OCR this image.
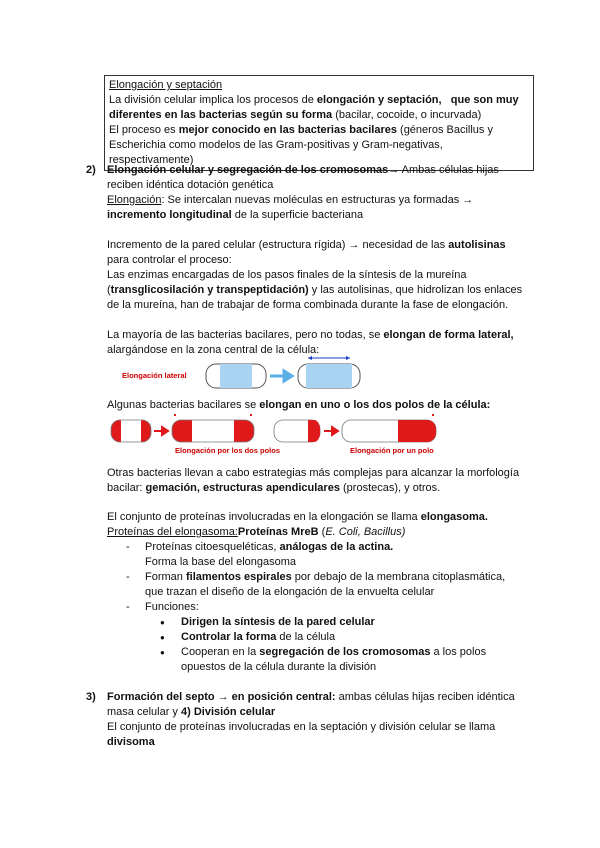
Elongación y septación

La división celular implica los procesos de elongación y septación, que son muy

diferentes en las bacterias según su forma (bacilar, cocoide, o incurvada)

El proceso es mejor conocido en las bacterias bacilares (géneros Bacillus y

Escherichia como modelos de las Gram-positivas y Gram-negativas, respectivamente)

2) Elongación celular y segregación de los cromosomas→ Ambas células hijas
reciben idéntica dotación genética
Elongación: Se intercalan nuevas moléculas en estructuras ya formadas →
incremento longitudinal de la superficie bacteriana
Incremento de la pared celular (estructura rígida) → necesidad de las autolisinas
para controlar el proceso:
Las enzimas encargadas de los pasos finales de la síntesis de la mureína
(transglicosilación y transpeptidación) y las autolisinas, que hidrolizan los enlaces
de la mureína, han de trabajar de forma combinada durante la fase de elongación.
La mayoría de las bacterias bacilares, pero no todas, se elongan de forma lateral,
alargándose en la zona central de la célula:
Elongación lateral
Algunas bacterias bacilares se elongan en uno o los dos polos de la célula:
Elongación por los dos polos	Elongación por un polo
Otras bacterias llevan a cabo estrategias más complejas para alcanzar la morfología
bacilar: gemación, estructuras apendiculares (prostecas), y otros.
El conjunto de proteínas involucradas en la elongación se llama elongasoma.
Proteínas del elongasoma:Proteínas MreB (E. Coli, Bacillus)
- Proteínas citoesqueléticas, análogas de la actina.
Forma la base del elongasoma
- Forman filamentos espirales por debajo de la membrana citoplasmática,
que trazan el diseño de la elongación de la envuelta celular
- Funciones:
● Dirigen la síntesis de la pared celular
● Controlar la forma de la célula
● Cooperan en la segregación de los cromosomas a los polos
opuestos de la célula durante la división
3) Formación del septo → en posición central: ambas células hijas reciben idéntica
masa celular y 4) División celular
El conjunto de proteínas involucradas en la septación y división celular se llama
divisoma
